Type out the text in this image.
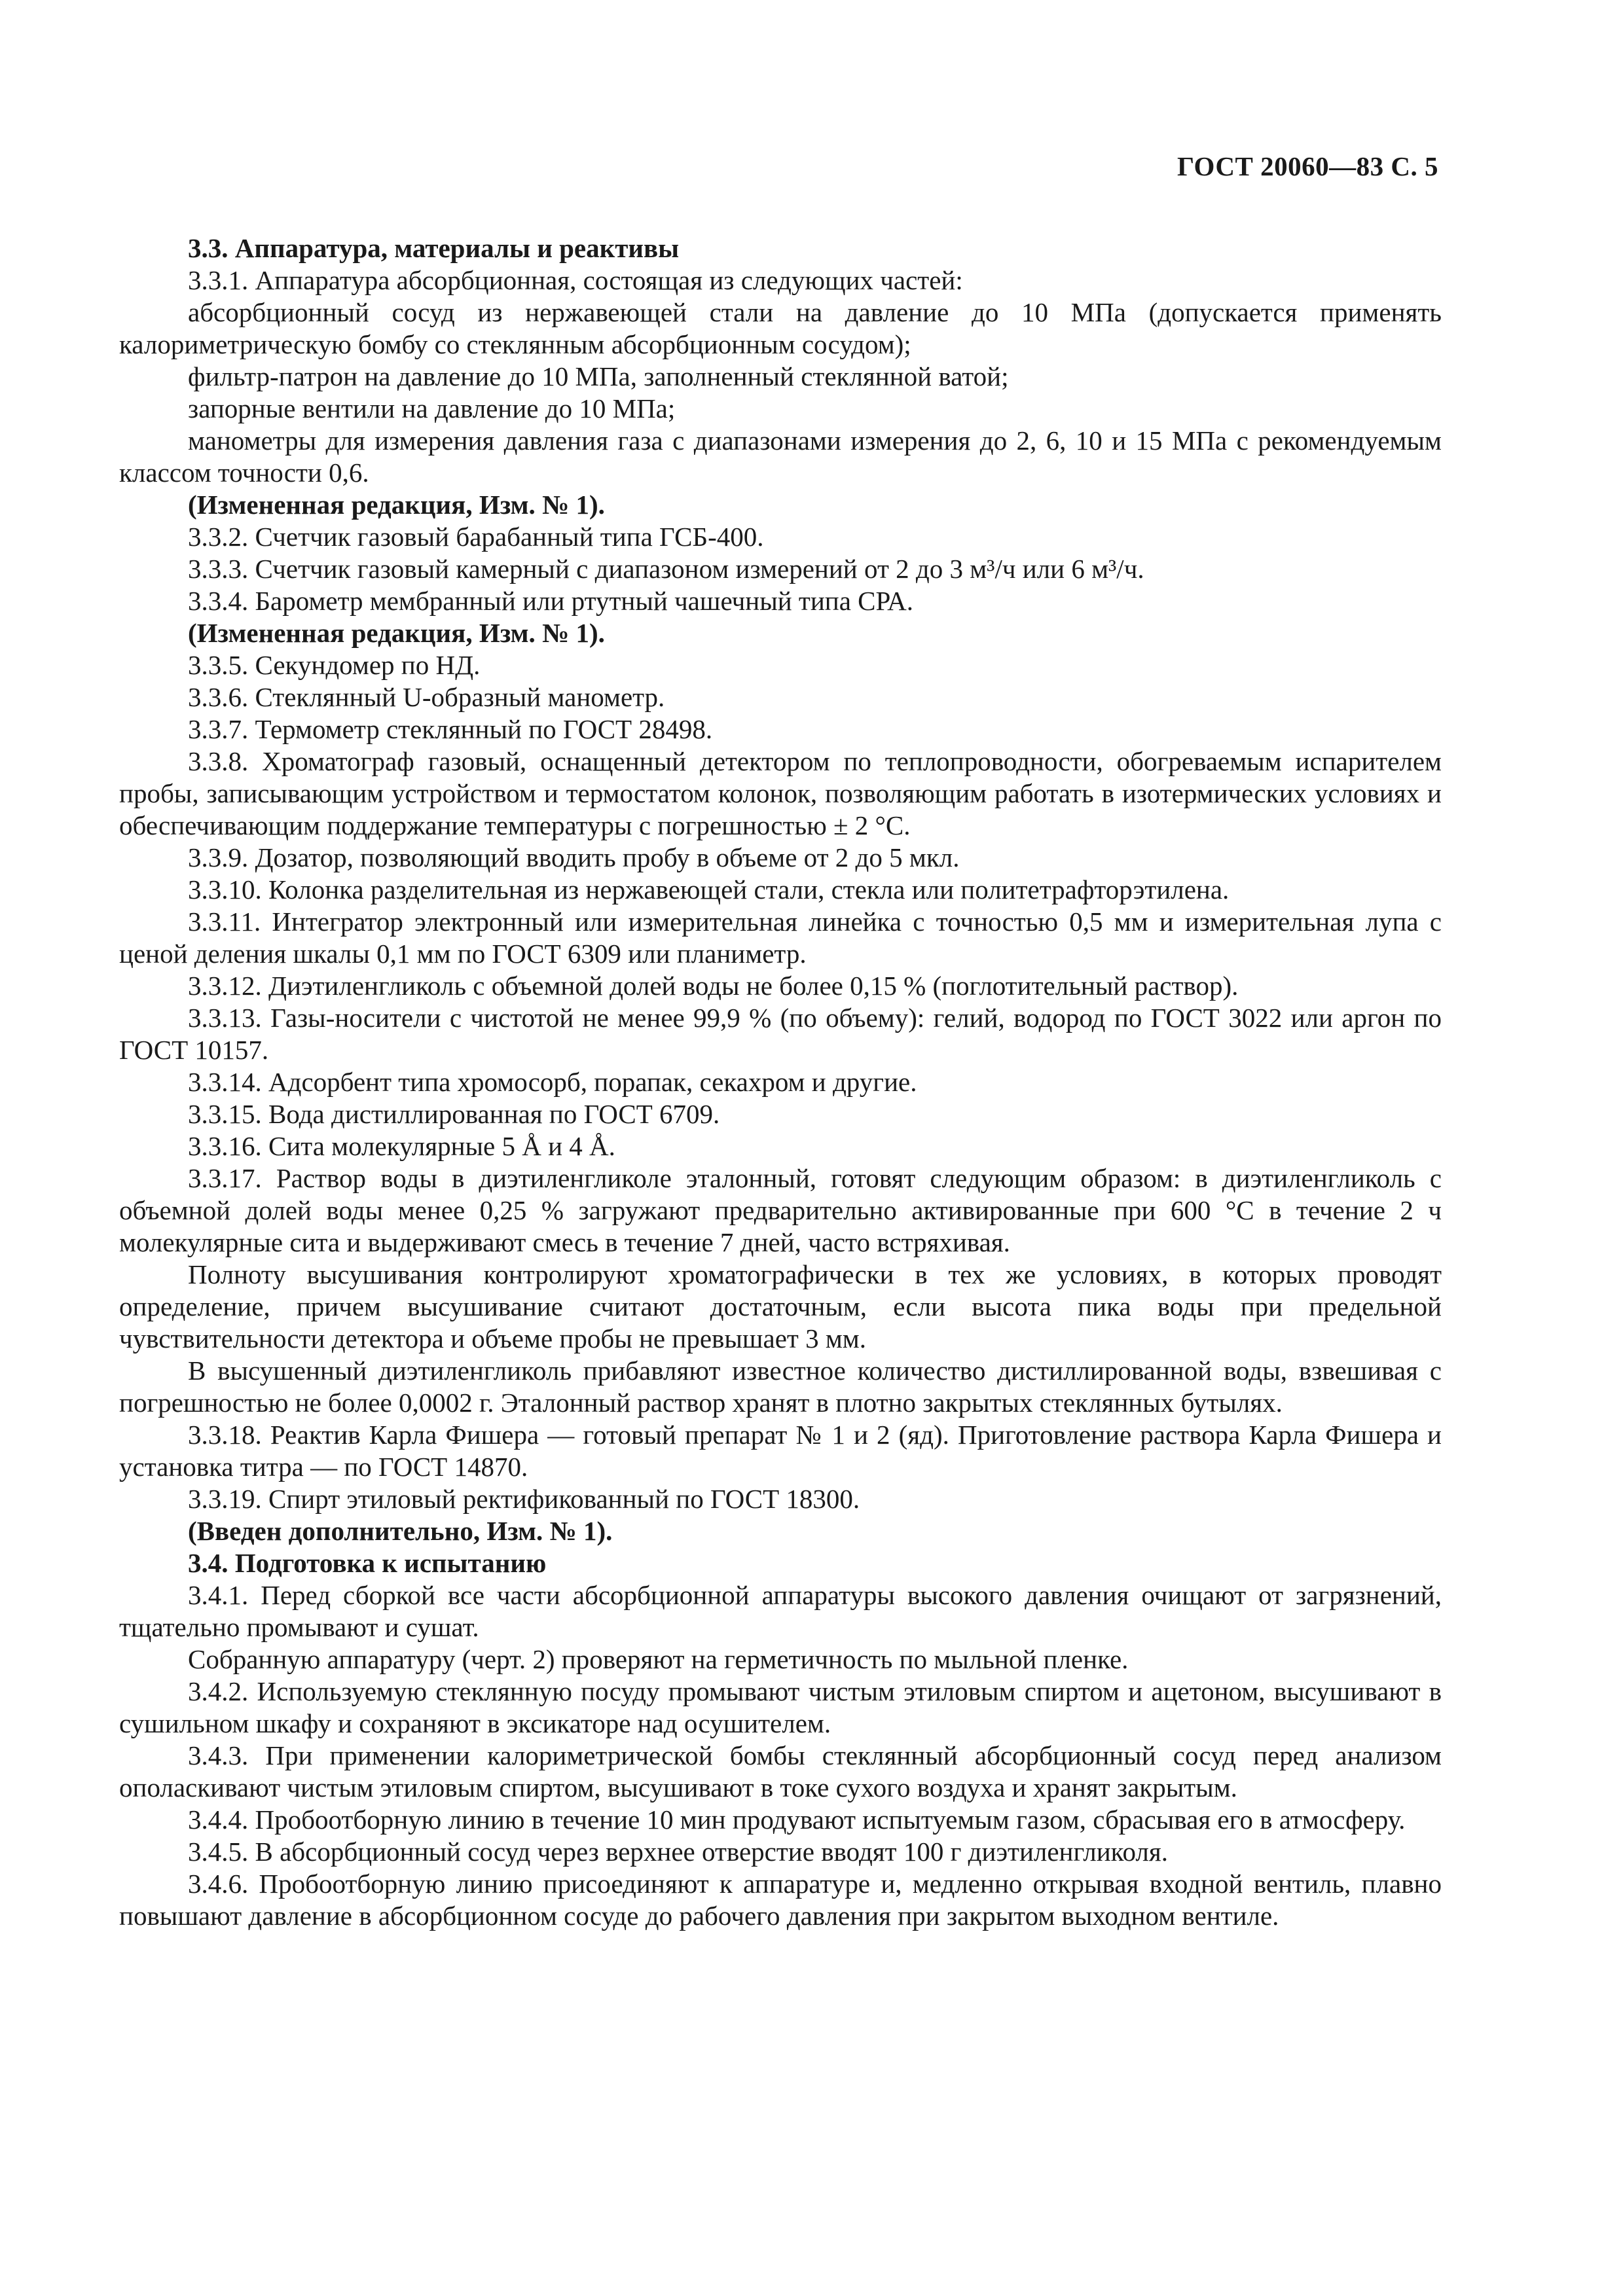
ГОСТ 20060—83 С. 5

3.3. Аппаратура, материалы и реактивы

3.3.1. Аппаратура абсорбционная, состоящая из следующих частей:

абсорбционный сосуд из нержавеющей стали на давление до 10 МПа (допускается применять калориметрическую бомбу со стеклянным абсорбционным сосудом);

фильтр-патрон на давление до 10 МПа, заполненный стеклянной ватой;

запорные вентили на давление до 10 МПа;

манометры для измерения давления газа с диапазонами измерения до 2, 6, 10 и 15 МПа с рекомендуемым классом точности 0,6.

(Измененная редакция, Изм. № 1).

3.3.2. Счетчик газовый барабанный типа ГСБ-400.

3.3.3. Счетчик газовый камерный с диапазоном измерений от 2 до 3 м³/ч или 6 м³/ч.

3.3.4. Барометр мембранный или ртутный чашечный типа СРА.

(Измененная редакция, Изм. № 1).

3.3.5. Секундомер по НД.

3.3.6. Стеклянный U-образный манометр.

3.3.7. Термометр стеклянный по ГОСТ 28498.

3.3.8. Хроматограф газовый, оснащенный детектором по теплопроводности, обогреваемым испарителем пробы, записывающим устройством и термостатом колонок, позволяющим работать в изотермических условиях и обеспечивающим поддержание температуры с погрешностью ± 2 °С.

3.3.9. Дозатор, позволяющий вводить пробу в объеме от 2 до 5 мкл.

3.3.10. Колонка разделительная из нержавеющей стали, стекла или политетрафторэтилена.

3.3.11. Интегратор электронный или измерительная линейка с точностью 0,5 мм и измерительная лупа с ценой деления шкалы 0,1 мм по ГОСТ 6309 или планиметр.

3.3.12. Диэтиленгликоль с объемной долей воды не более 0,15 % (поглотительный раствор).

3.3.13. Газы-носители с чистотой не менее 99,9 % (по объему): гелий, водород по ГОСТ 3022 или аргон по ГОСТ 10157.

3.3.14. Адсорбент типа хромосорб, порапак, секахром и другие.

3.3.15. Вода дистиллированная по ГОСТ 6709.

3.3.16. Сита молекулярные 5 Å и 4 Å.

3.3.17. Раствор воды в диэтиленгликоле эталонный, готовят следующим образом: в диэтиленгликоль с объемной долей воды менее 0,25 % загружают предварительно активированные при 600 °С в течение 2 ч молекулярные сита и выдерживают смесь в течение 7 дней, часто встряхивая.

Полноту высушивания контролируют хроматографически в тех же условиях, в которых проводят определение, причем высушивание считают достаточным, если высота пика воды при предельной чувствительности детектора и объеме пробы не превышает 3 мм.

В высушенный диэтиленгликоль прибавляют известное количество дистиллированной воды, взвешивая с погрешностью не более 0,0002 г. Эталонный раствор хранят в плотно закрытых стеклянных бутылях.

3.3.18. Реактив Карла Фишера — готовый препарат № 1 и 2 (яд). Приготовление раствора Карла Фишера и установка титра — по ГОСТ 14870.

3.3.19. Спирт этиловый ректификованный по ГОСТ 18300.

(Введен дополнительно, Изм. № 1).

3.4. Подготовка к испытанию

3.4.1. Перед сборкой все части абсорбционной аппаратуры высокого давления очищают от загрязнений, тщательно промывают и сушат.

Собранную аппаратуру (черт. 2) проверяют на герметичность по мыльной пленке.

3.4.2. Используемую стеклянную посуду промывают чистым этиловым спиртом и ацетоном, высушивают в сушильном шкафу и сохраняют в эксикаторе над осушителем.

3.4.3. При применении калориметрической бомбы стеклянный абсорбционный сосуд перед анализом ополаскивают чистым этиловым спиртом, высушивают в токе сухого воздуха и хранят закрытым.

3.4.4. Пробоотборную линию в течение 10 мин продувают испытуемым газом, сбрасывая его в атмосферу.

3.4.5. В абсорбционный сосуд через верхнее отверстие вводят 100 г диэтиленгликоля.

3.4.6. Пробоотборную линию присоединяют к аппаратуре и, медленно открывая входной вентиль, плавно повышают давление в абсорбционном сосуде до рабочего давления при закрытом выходном вентиле.
